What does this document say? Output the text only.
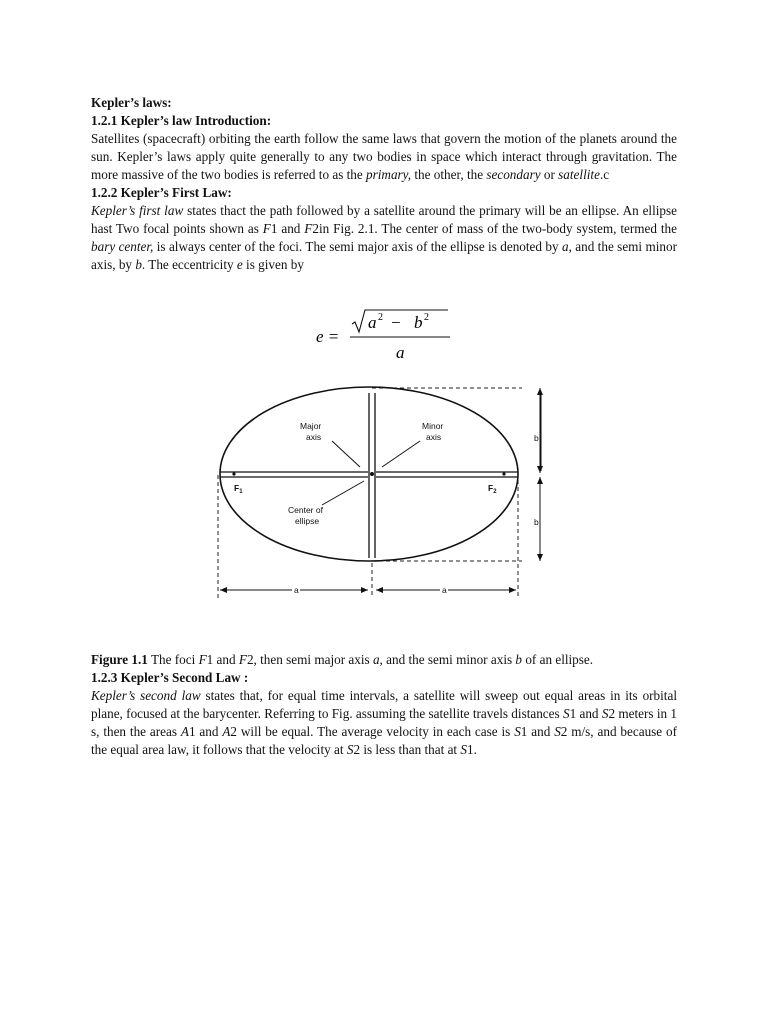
Kepler’s laws:

1.2.1 Kepler’s law Introduction:

Satellites (spacecraft) orbiting the earth follow the same laws that govern the motion of the planets around the sun. Kepler’s laws apply quite generally to any two bodies in space which interact through gravitation. The more massive of the two bodies is referred to as the primary, the other, the secondary or satellite.c

1.2.2 Kepler’s First Law:

Kepler’s first law states thact the path followed by a satellite around the primary will be an ellipse. An ellipse hast Two focal points shown as F1 and F2in Fig. 2.1. The center of mass of the two-body system, termed the bary center, is always center of the foci. The semi major axis of the ellipse is denoted by a, and the semi minor axis, by b. The eccentricity e is given by

e =
a 2 − b 2
a
Major
axis
Minor
axis
Center of
ellipse
$F_1$	$F_2$
b
b
a	a

Figure 1.1 The foci F1 and F2, then semi major axis a, and the semi minor axis b of an ellipse.

1.2.3 Kepler’s Second Law :

Kepler’s second law states that, for equal time intervals, a satellite will sweep out equal areas in its orbital plane, focused at the barycenter. Referring to Fig. assuming the satellite travels distances S1 and S2 meters in 1 s, then the areas A1 and A2 will be equal. The average velocity in each case is S1 and S2 m/s, and because of the equal area law, it follows that the velocity at S2 is less than that at S1.
